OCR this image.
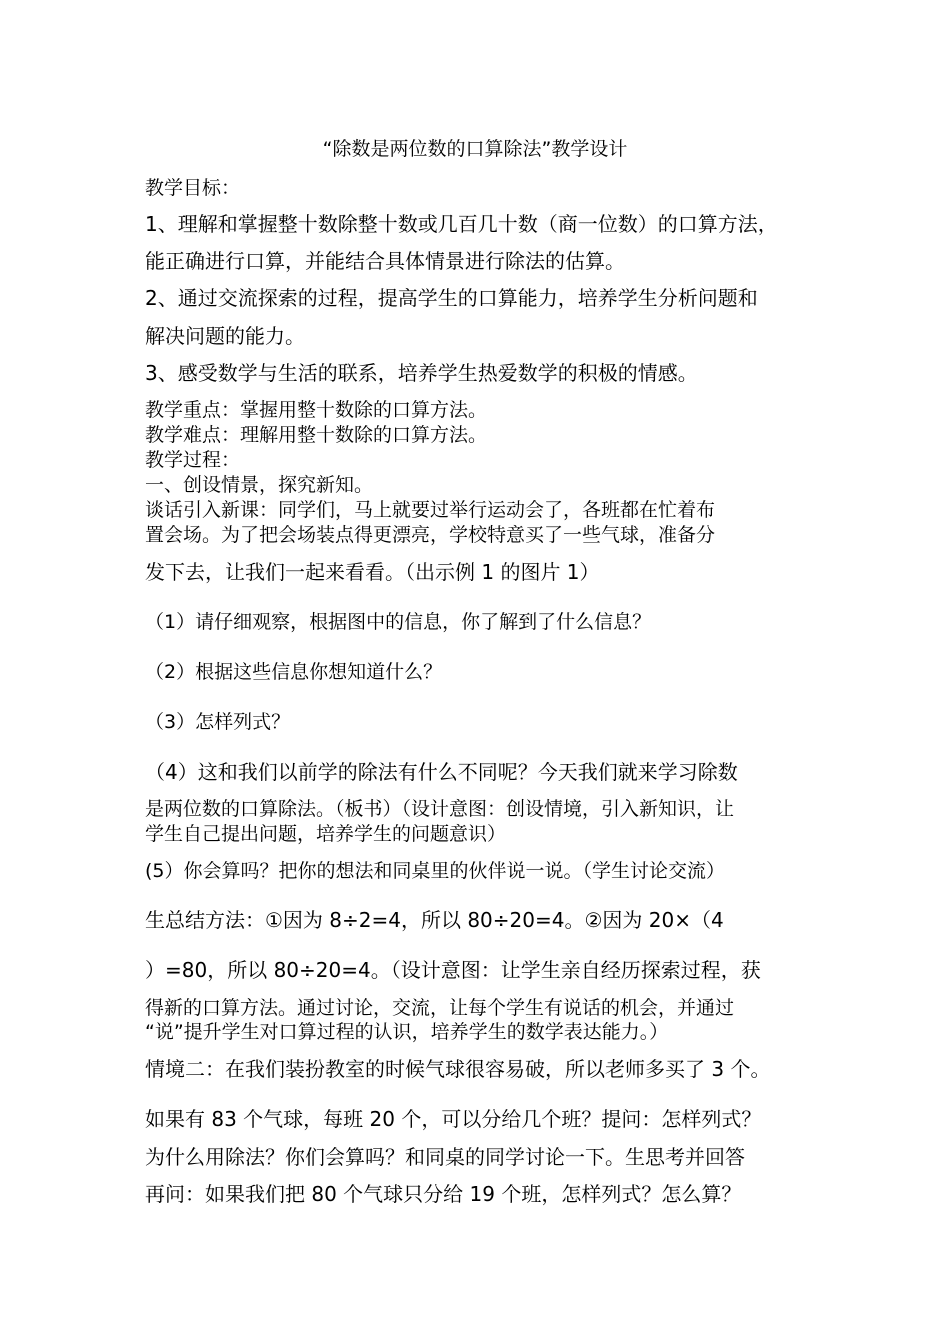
“除数是两位数的口算除法”教学设计
教学目标：
1、理解和掌握整十数除整十数或几百几十数（商一位数）的口算方法，
能正确进行口算，并能结合具体情景进行除法的估算。
2、通过交流探索的过程，提高学生的口算能力，培养学生分析问题和
解决问题的能力。
3、感受数学与生活的联系，培养学生热爱数学的积极的情感。
教学重点：掌握用整十数除的口算方法。
教学难点：理解用整十数除的口算方法。
教学过程：
一、创设情景，探究新知。
谈话引入新课：同学们，马上就要过举行运动会了，各班都在忙着布
置会场。为了把会场装点得更漂亮，学校特意买了一些气球，准备分
发下去，让我们一起来看看。（出示例 1 的图片 1）
（1）请仔细观察，根据图中的信息，你了解到了什么信息？
（2）根据这些信息你想知道什么？
（3）怎样列式？
（4）这和我们以前学的除法有什么不同呢？今天我们就来学习除数
是两位数的口算除法。（板书）（设计意图：创设情境，引入新知识，让
学生自己提出问题，培养学生的问题意识）
(5）你会算吗？把你的想法和同桌里的伙伴说一说。（学生讨论交流）
生总结方法：①因为 8÷2=4，所以 80÷20=4。②因为 20×（4
）=80，所以 80÷20=4。（设计意图：让学生亲自经历探索过程，获
得新的口算方法。通过讨论，交流，让每个学生有说话的机会，并通过
“说”提升学生对口算过程的认识，培养学生的数学表达能力。）
情境二：在我们装扮教室的时候气球很容易破，所以老师多买了 3 个。
如果有 83 个气球，每班 20 个，可以分给几个班？提问：怎样列式？
为什么用除法？你们会算吗？和同桌的同学讨论一下。生思考并回答
再问：如果我们把 80 个气球只分给 19 个班，怎样列式？怎么算？
